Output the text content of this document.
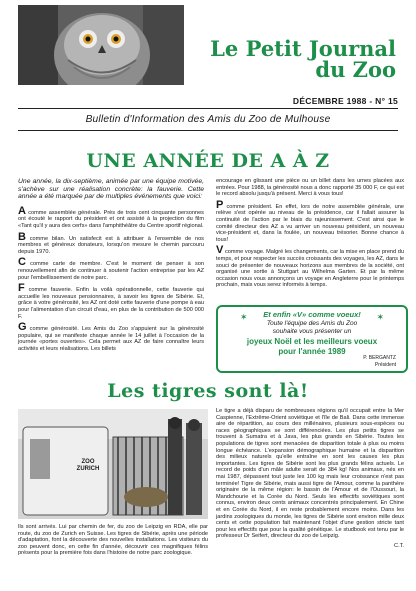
Le Petit Journal
du Zoo
DÉCEMBRE 1988 - N° 15
Bulletin d'Information des Amis du Zoo de Mulhouse
UNE ANNÉE DE A À Z

Une année, la dix-septième, animée par une équipe motivée, s'achève sur une réalisation concrète: la fauverie. Cette année a été marquée par de multiples événements que voici:

A comme assemblée générale. Près de trois cent cinquante personnes ont écouté le rapport du président et ont assisté à la projection du film «Tant qu'il y aura des cerfs» dans l'amphithéâtre du Centre sportif régional.

B comme bilan. Un satisfecit est à attribuer à l'ensemble de nos membres et généreux donateurs, lorsqu'on mesure le chemin parcouru depuis 1970.

C comme carte de membre. C'est le moment de penser à son renouvellement afin de continuer à soutenir l'action entreprise par les AZ pour l'embellissement de notre parc.

F comme fauverie. Enfin la voilà opérationnelle, cette fauverie qui accueille les nouveaux pensionnaires, à savoir les tigres de Sibérie. Et, grâce à votre générosité, les AZ ont doté cette fauverie d'une pompe à eau pour l'alimentation d'un circuit d'eau, en plus de la contribution de 500 000 F.

G comme générosité. Les Amis du Zoo s'appuient sur la générosité populaire, qui se manifeste chaque année le 14 juillet à l'occasion de la journée «portes ouvertes». Cela permet aux AZ de faire connaître leurs activités et leurs réalisations. Les billets

encourage en glissant une pièce ou un billet dans les urnes placées aux entrées. Pour 1988, la générosité nous a donc rapporté 35 000 F, ce qui est le record absolu jusqu'à présent. Merci à vous tous!

P comme président. En effet, lors de notre assemblée générale, une relève s'est opérée au niveau de la présidence, car il fallait assurer la continuité de l'action par le biais du rajeunissement. C'est ainsi que le comité directeur des AZ a vu arriver un nouveau président, un nouveau vice-président et, dans la foulée, un nouveau trésorier. Bonne chance à tous!

V comme voyage. Malgré les changements, car la mise en place prend du temps, et pour respecter les succès croissants des voyages, les AZ, dans le souci de présenter de nouveaux horizons aux membres de la société, ont organisé une sortie à Stuttgart au Wilhelma Garten. Et par la même occasion nous vous annonçons un voyage en Angleterre pour le printemps prochain, mais vous serez informés à temps.

✶	✶
Et enfin «V» comme voeux!
Toute l'équipe des Amis du Zoo
souhaite vous présenter un
joyeux Noël et les meilleurs voeux
pour l'année 1989
P. BERGANTZ
Président
Les tigres sont là!
ZOO ZURICH

Ils sont arrivés. Lui par chemin de fer, du zoo de Leipzig en RDA, elle par route, du zoo de Zurich en Suisse. Les tigres de Sibérie, après une période d'adaptation, font la découverte des nouvelles installations. Les visiteurs du zoo peuvent donc, en cette fin d'année, découvrir ces magnifiques félins présents pour la première fois dans l'histoire de notre parc zoologique.

Le tigre a déjà disparu de nombreuses régions qu'il occupait entre la Mer Caspienne, l'Extrême-Orient soviétique et l'île de Bali. Dans cette immense aire de répartition, au cours des millénaires, plusieurs sous-espèces ou races géographiques se sont différenciées. Les plus petits tigres se trouvent à Sumatra et à Java, les plus grands en Sibérie. Toutes les populations de tigres sont menacées de disparition totale à plus ou moins longue échéance. L'expansion démographique humaine et la disparition des milieux naturels qu'elle entraîne en sont les causes les plus importantes. Les tigres de Sibérie sont les plus grands félins actuels. Le record de poids d'un mâle adulte serait de 384 kg! Nos animaux, nés en mai 1987, dépassent tout juste les 100 kg mais leur croissance n'est pas terminée! Tigre de Sibérie, mais aussi tigre de l'Amour, comme la panthère originaire de la même région: le bassin de l'Amour et de l'Oussouri, la Mandchourie et la Corée du Nord. Seuls les effectifs soviétiques sont connus, environ deux cents animaux concentrés principalement. En Chine et en Corée du Nord, il en reste probablement encore moins. Dans les jardins zoologiques du monde, les tigres de Sibérie sont environ mille deux cents et cette population fait maintenant l'objet d'une gestion stricte tant pour les effectifs que pour la qualité génétique. Le studbook est tenu par le professeur Dr Seifert, directeur du zoo de Leipzig.

C.T.
